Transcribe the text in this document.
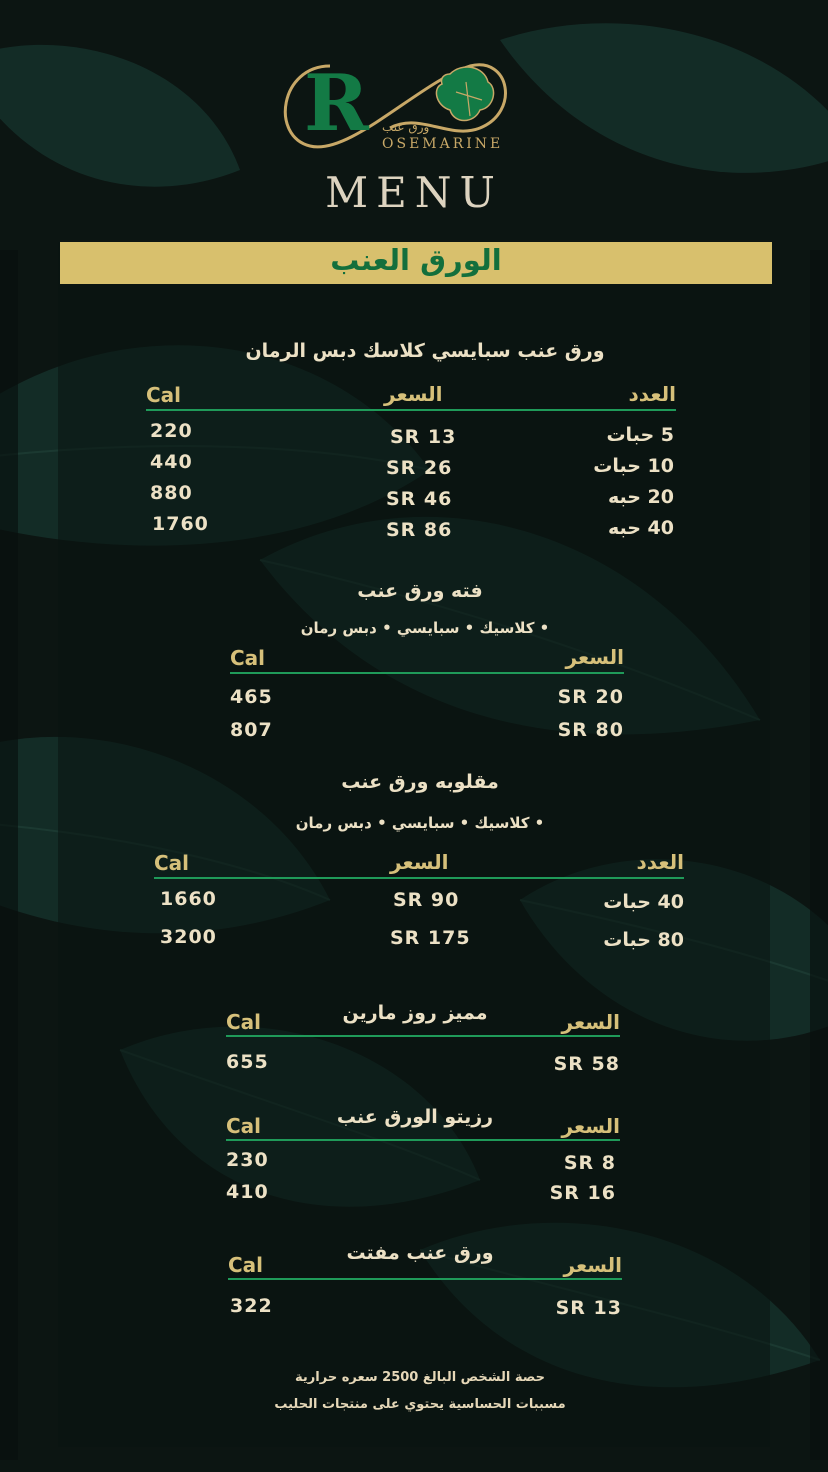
R ورق عنب
OSEMARINE
MENU
الورق العنب
ورق عنب سبايسي كلاسك دبس الرمان
Cal	السعر	العدد
220	SR 13	5 حبات
440	SR 26	10 حبات
880	SR 46	20 حبه
1760	SR 86	40 حبه
فته ورق عنب
• كلاسيك • سبايسي • دبس رمان
Cal	السعر
465	SR 20
807	SR 80
مقلوبه ورق عنب
• كلاسيك • سبايسي • دبس رمان
Cal	السعر	العدد
1660	SR 90	40 حبات
3200	SR 175	80 حبات
مميز روز مارين
Cal	السعر
655	SR 58
رزيتو الورق عنب
Cal	السعر
230	SR 8
410	SR 16
ورق عنب مفتت
Cal	السعر
322	SR 13
حصة الشخص البالغ 2500 سعره حرارية
مسببات الحساسية يحتوي على منتجات الحليب
